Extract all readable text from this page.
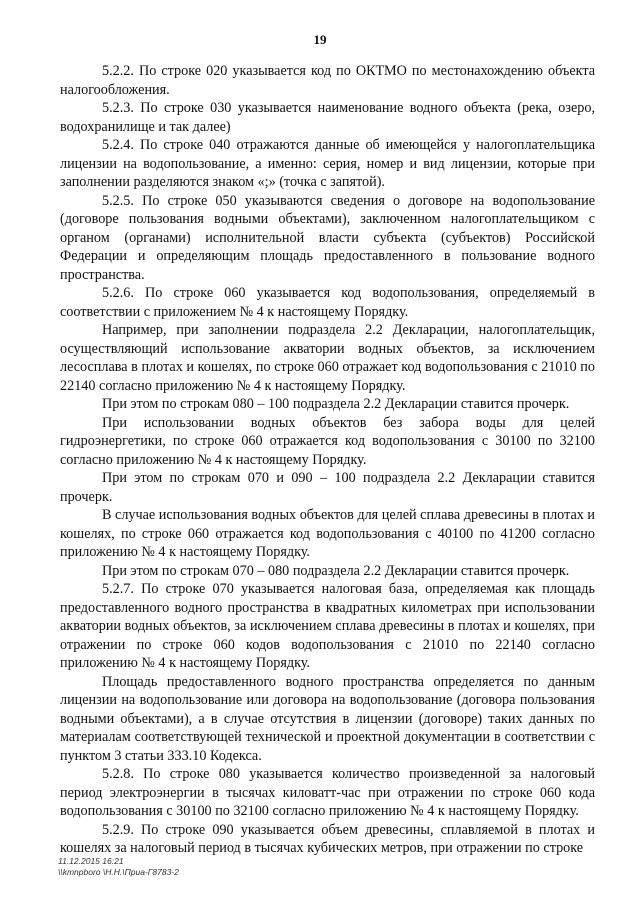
19

5.2.2. По строке 020 указывается код по ОКТМО по местонахождению объекта налогообложения.

5.2.3. По строке 030 указывается наименование водного объекта (река, озеро, водохранилище и так далее)

5.2.4. По строке 040 отражаются данные об имеющейся у налогоплательщика лицензии на водопользование, а именно: серия, номер и вид лицензии, которые при заполнении разделяются знаком «;» (точка с запятой).

5.2.5. По строке 050 указываются сведения о договоре на водопользование (договоре пользования водными объектами), заключенном налогоплательщиком с органом (органами) исполнительной власти субъекта (субъектов) Российской Федерации и определяющим площадь предоставленного в пользование водного пространства.

5.2.6. По строке 060 указывается код водопользования, определяемый в соответствии с приложением № 4 к настоящему Порядку.

Например, при заполнении подраздела 2.2 Декларации, налогоплательщик, осуществляющий использование акватории водных объектов, за исключением лесосплава в плотах и кошелях, по строке 060 отражает код водопользования с 21010 по 22140 согласно приложению № 4 к настоящему Порядку.

При этом по строкам 080 – 100 подраздела 2.2 Декларации ставится прочерк.

При использовании водных объектов без забора воды для целей гидроэнергетики, по строке 060 отражается код водопользования с 30100 по 32100 согласно приложению № 4 к настоящему Порядку.

При этом по строкам 070 и 090 – 100 подраздела 2.2 Декларации ставится прочерк.

В случае использования водных объектов для целей сплава древесины в плотах и кошелях, по строке 060 отражается код водопользования с 40100 по 41200 согласно приложению № 4 к настоящему Порядку.

При этом по строкам 070 – 080 подраздела 2.2 Декларации ставится прочерк.

5.2.7. По строке 070 указывается налоговая база, определяемая как площадь предоставленного водного пространства в квадратных километрах при использовании акватории водных объектов, за исключением сплава древесины в плотах и кошелях, при отражении по строке 060 кодов водопользования с 21010 по 22140 согласно приложению № 4 к настоящему Порядку.

Площадь предоставленного водного пространства определяется по данным лицензии на водопользование или договора на водопользование (договора пользования водными объектами), а в случае отсутствия в лицензии (договоре) таких данных по материалам соответствующей технической и проектной документации в соответствии с пунктом 3 статьи 333.10 Кодекса.

5.2.8. По строке 080 указывается количество произведенной за налоговый период электроэнергии в тысячах киловатт-час при отражении по строке 060 кода водопользования с 30100 по 32100 согласно приложению № 4 к настоящему Порядку.

5.2.9. По строке 090 указывается объем древесины, сплавляемой в плотах и кошелях за налоговый период в тысячах кубических метров, при отражении по строке

11.12.2015 16:21
\\kmnpboro \Н.Н.\Приа-Г8783-2
